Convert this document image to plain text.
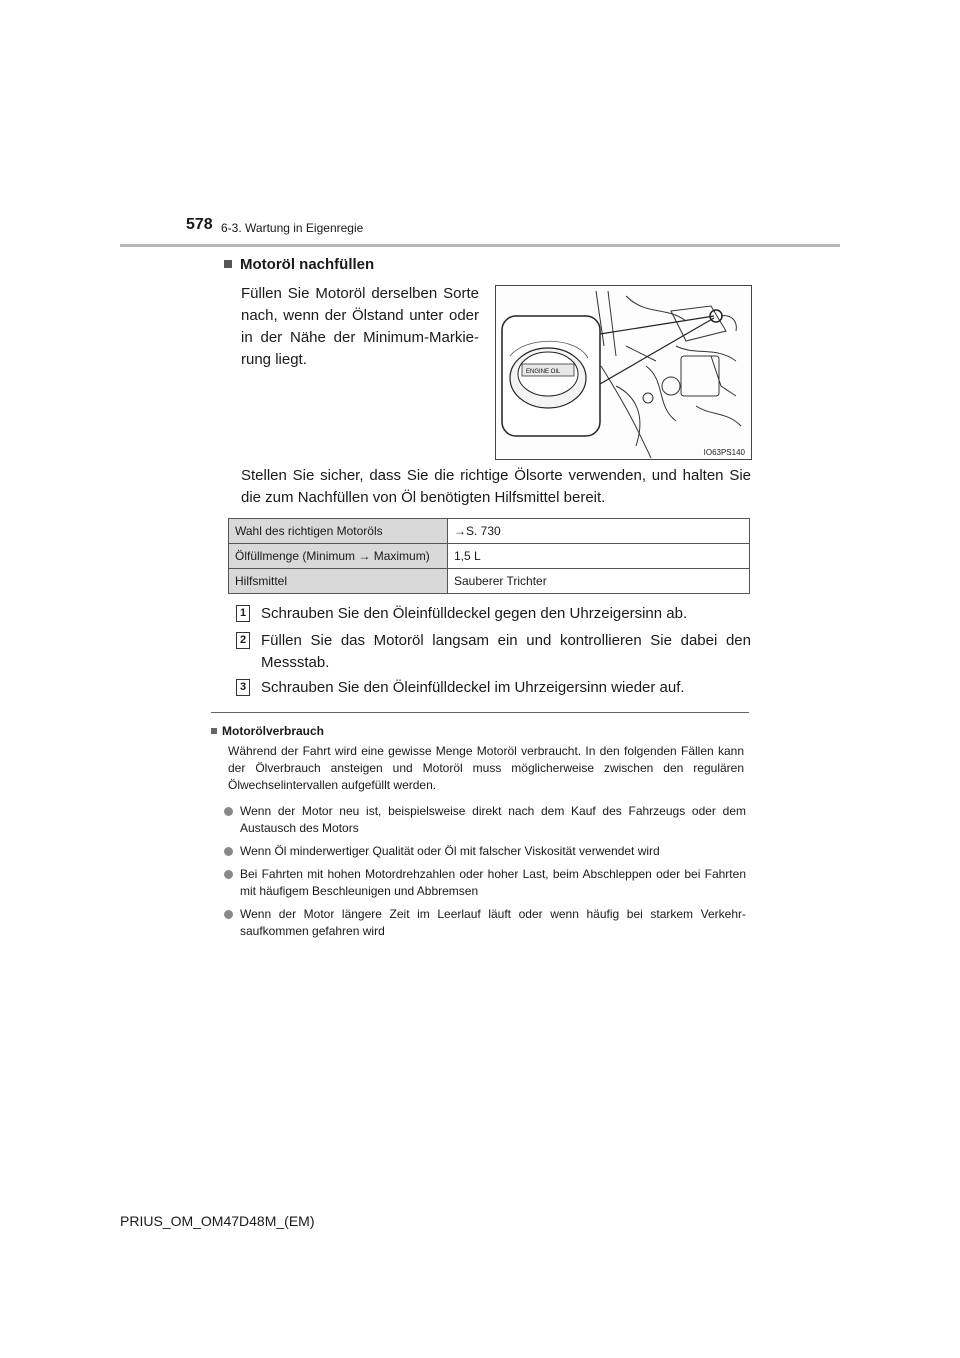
578 6-3. Wartung in Eigenregie
Motoröl nachfüllen
Füllen Sie Motoröl derselben Sorte nach, wenn der Ölstand unter oder in der Nähe der Minimum-Markie-rung liegt.
ENGINE OIL
IO63PS140
Stellen Sie sicher, dass Sie die richtige Ölsorte verwenden, und halten Sie die zum Nachfüllen von Öl benötigten Hilfsmittel bereit.
Wahl des richtigen Motoröls	→S. 730
Ölfüllmenge (Minimum → Maximum)	1,5 L
Hilfsmittel	Sauberer Trichter
1 Schrauben Sie den Öleinfülldeckel gegen den Uhrzeigersinn ab.
2 Füllen Sie das Motoröl langsam ein und kontrollieren Sie dabei den Messstab.
3 Schrauben Sie den Öleinfülldeckel im Uhrzeigersinn wieder auf.
Motorölverbrauch
Während der Fahrt wird eine gewisse Menge Motoröl verbraucht. In den folgenden Fällen kann der Ölverbrauch ansteigen und Motoröl muss möglicherweise zwischen den regulären Ölwechselintervallen aufgefüllt werden.
Wenn der Motor neu ist, beispielsweise direkt nach dem Kauf des Fahrzeugs oder dem Austausch des Motors
Wenn Öl minderwertiger Qualität oder Öl mit falscher Viskosität verwendet wird
Bei Fahrten mit hohen Motordrehzahlen oder hoher Last, beim Abschleppen oder bei Fahrten mit häufigem Beschleunigen und Abbremsen
Wenn der Motor längere Zeit im Leerlauf läuft oder wenn häufig bei starkem Verkehr-saufkommen gefahren wird
PRIUS_OM_OM47D48M_(EM)
